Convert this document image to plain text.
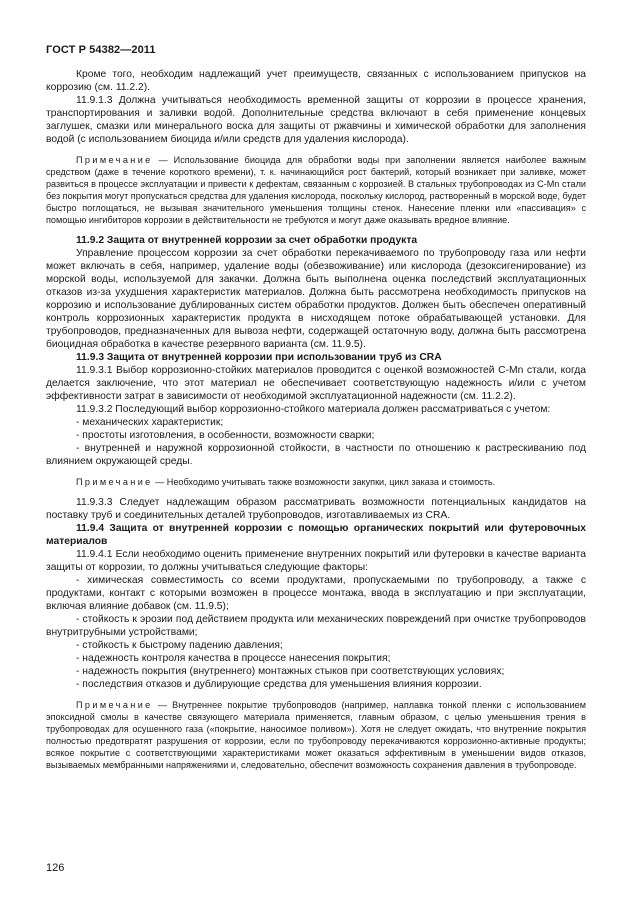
ГОСТ Р 54382—2011

Кроме того, необходим надлежащий учет преимуществ, связанных с использованием припусков на коррозию (см. 11.2.2).

11.9.1.3 Должна учитываться необходимость временной защиты от коррозии в процессе хранения, транспортирования и заливки водой. Дополнительные средства включают в себя применение концевых заглушек, смазки или минерального воска для защиты от ржавчины и химической обработки для заполнения водой (с использованием биоцида и/или средств для удаления кислорода).

Примечание — Использование биоцида для обработки воды при заполнении является наиболее важным средством (даже в течение короткого времени), т. к. начинающийся рост бактерий, который возникает при заливке, может развиться в процессе эксплуатации и привести к дефектам, связанным с коррозией. В стальных трубопроводах из C-Mn стали без покрытия могут пропускаться средства для удаления кислорода, поскольку кислород, растворенный в морской воде, будет быстро поглощаться, не вызывая значительного уменьшения толщины стенок. Нанесение пленки или «пассивация» с помощью ингибиторов коррозии в действительности не требуются и могут даже оказывать вредное влияние.

11.9.2 Защита от внутренней коррозии за счет обработки продукта

Управление процессом коррозии за счет обработки перекачиваемого по трубопроводу газа или нефти может включать в себя, например, удаление воды (обезвоживание) или кислорода (дезоксигенирование) из морской воды, используемой для закачки. Должна быть выполнена оценка последствий эксплуатационных отказов из-за ухудшения характеристик материалов. Должна быть рассмотрена необходимость припусков на коррозию и использование дублированных систем обработки продуктов. Должен быть обеспечен оперативный контроль коррозионных характеристик продукта в нисходящем потоке обрабатывающей установки. Для трубопроводов, предназначенных для вывоза нефти, содержащей остаточную воду, должна быть рассмотрена биоцидная обработка в качестве резервного варианта (см. 11.9.5).

11.9.3 Защита от внутренней коррозии при использовании труб из CRA

11.9.3.1 Выбор коррозионно-стойких материалов проводится с оценкой возможностей C-Mn стали, когда делается заключение, что этот материал не обеспечивает соответствующую надежность и/или с учетом эффективности затрат в зависимости от необходимой эксплуатационной надежности (см. 11.2.2).

11.9.3.2 Последующий выбор коррозионно-стойкого материала должен рассматриваться с учетом:

- механических характеристик;

- простоты изготовления, в особенности, возможности сварки;

- внутренней и наружной коррозионной стойкости, в частности по отношению к растрескиванию под влиянием окружающей среды.

Примечание — Необходимо учитывать также возможности закупки, цикл заказа и стоимость.

11.9.3.3 Следует надлежащим образом рассматривать возможности потенциальных кандидатов на поставку труб и соединительных деталей трубопроводов, изготавливаемых из CRA.

11.9.4 Защита от внутренней коррозии с помощью органических покрытий или футеровочных материалов

11.9.4.1 Если необходимо оценить применение внутренних покрытий или футеровки в качестве варианта защиты от коррозии, то должны учитываться следующие факторы:

- химическая совместимость со всеми продуктами, пропускаемыми по трубопроводу, а также с продуктами, контакт с которыми возможен в процессе монтажа, ввода в эксплуатацию и при эксплуатации, включая влияние добавок (см. 11.9.5);

- стойкость к эрозии под действием продукта или механических повреждений при очистке трубопроводов внутритрубными устройствами;

- стойкость к быстрому падению давления;

- надежность контроля качества в процессе нанесения покрытия;

- надежность покрытия (внутреннего) монтажных стыков при соответствующих условиях;

- последствия отказов и дублирующие средства для уменьшения влияния коррозии.

Примечание — Внутреннее покрытие трубопроводов (например, наплавка тонкой пленки с использованием эпоксидной смолы в качестве связующего материала применяется, главным образом, с целью уменьшения трения в трубопроводах для осушенного газа («покрытие, наносимое поливом»). Хотя не следует ожидать, что внутренние покрытия полностью предотвратят разрушения от коррозии, если по трубопроводу перекачиваются коррозионно-активные продукты; всякое покрытие с соответствующими характеристиками может оказаться эффективным в уменьшении видов отказов, вызываемых мембранными напряжениями и, следовательно, обеспечит возможность сохранения давления в трубопроводе.

126
